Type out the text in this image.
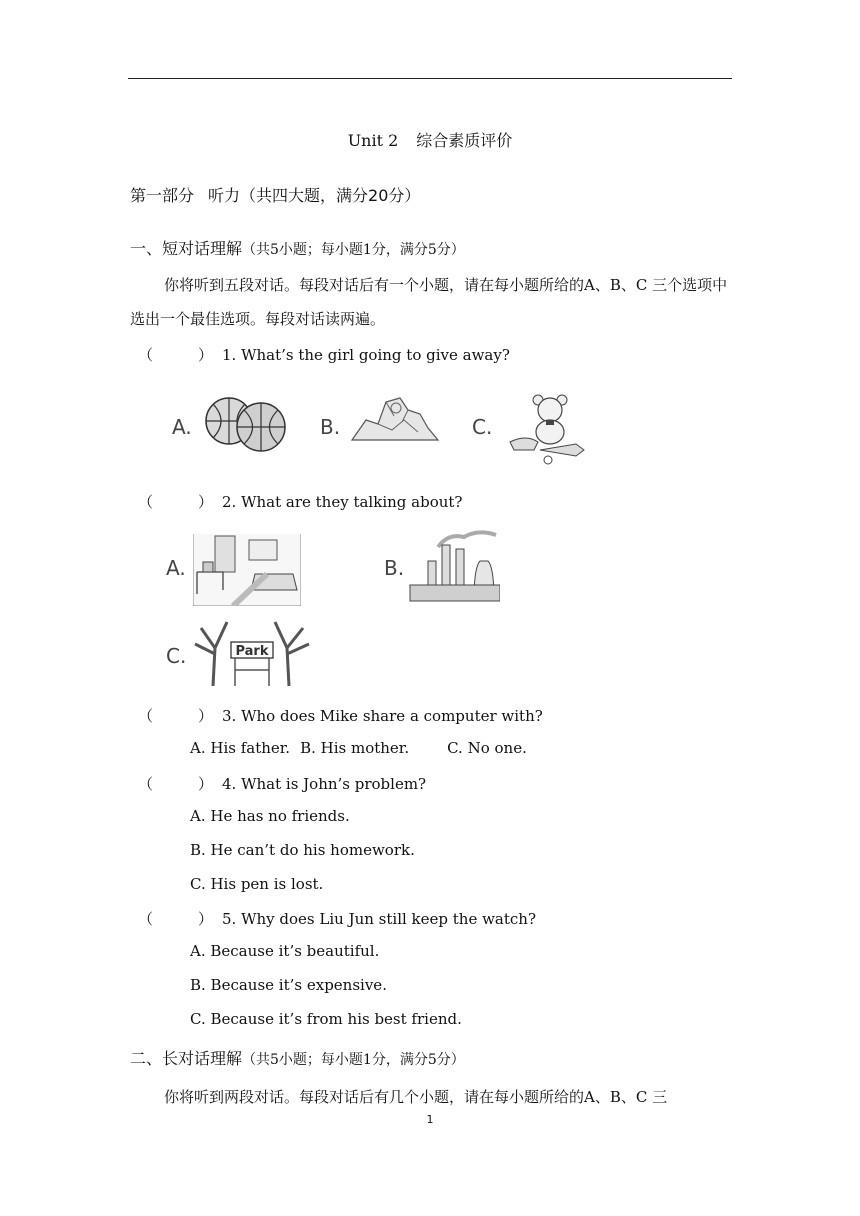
Unit 2 综合素质评价
第一部分 听力（共四大题，满分20分）
一、短对话理解（共5小题；每小题1分，满分5分）
你将听到五段对话。每段对话后有一个小题，请在每小题所给的A、B、C 三个选项中选出一个最佳选项。每段对话读两遍。
（	） 1. What’s the girl going to give away?
A.	B.	C.
（	） 2. What are they talking about?
A.	B.
C.	Park
（	） 3. Who does Mike share a computer with?
A. His father. B. His mother.	C. No one.
（	） 4. What is John’s problem?
A. He has no friends.
B. He can’t do his homework.
C. His pen is lost.
（	） 5. Why does Liu Jun still keep the watch?
A. Because it’s beautiful.
B. Because it’s expensive.
C. Because it’s from his best friend.
二、长对话理解（共5小题；每小题1分，满分5分）
你将听到两段对话。每段对话后有几个小题，请在每小题所给的A、B、C 三
1
